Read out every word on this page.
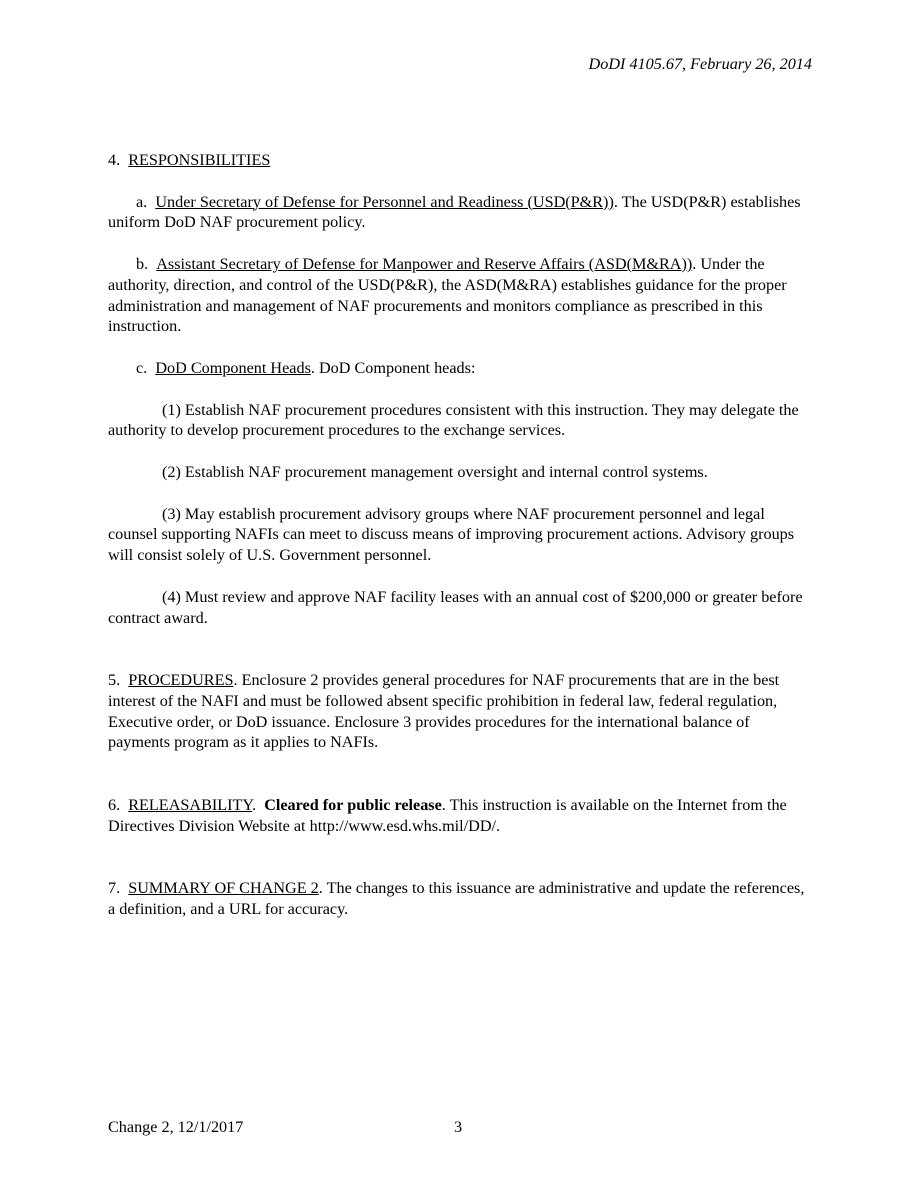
DoDI 4105.67, February 26, 2014

4. RESPONSIBILITIES

a. Under Secretary of Defense for Personnel and Readiness (USD(P&R)). The USD(P&R) establishes uniform DoD NAF procurement policy.

b. Assistant Secretary of Defense for Manpower and Reserve Affairs (ASD(M&RA)). Under the authority, direction, and control of the USD(P&R), the ASD(M&RA) establishes guidance for the proper administration and management of NAF procurements and monitors compliance as prescribed in this instruction.

c. DoD Component Heads. DoD Component heads:

(1) Establish NAF procurement procedures consistent with this instruction. They may delegate the authority to develop procurement procedures to the exchange services.

(2) Establish NAF procurement management oversight and internal control systems.

(3) May establish procurement advisory groups where NAF procurement personnel and legal counsel supporting NAFIs can meet to discuss means of improving procurement actions. Advisory groups will consist solely of U.S. Government personnel.

(4) Must review and approve NAF facility leases with an annual cost of $200,000 or greater before contract award.

5. PROCEDURES. Enclosure 2 provides general procedures for NAF procurements that are in the best interest of the NAFI and must be followed absent specific prohibition in federal law, federal regulation, Executive order, or DoD issuance. Enclosure 3 provides procedures for the international balance of payments program as it applies to NAFIs.

6. RELEASABILITY.  Cleared for public release. This instruction is available on the Internet from the Directives Division Website at http://www.esd.whs.mil/DD/.

7. SUMMARY OF CHANGE 2. The changes to this issuance are administrative and update the references, a definition, and a URL for accuracy.

Change 2, 12/1/2017	3
